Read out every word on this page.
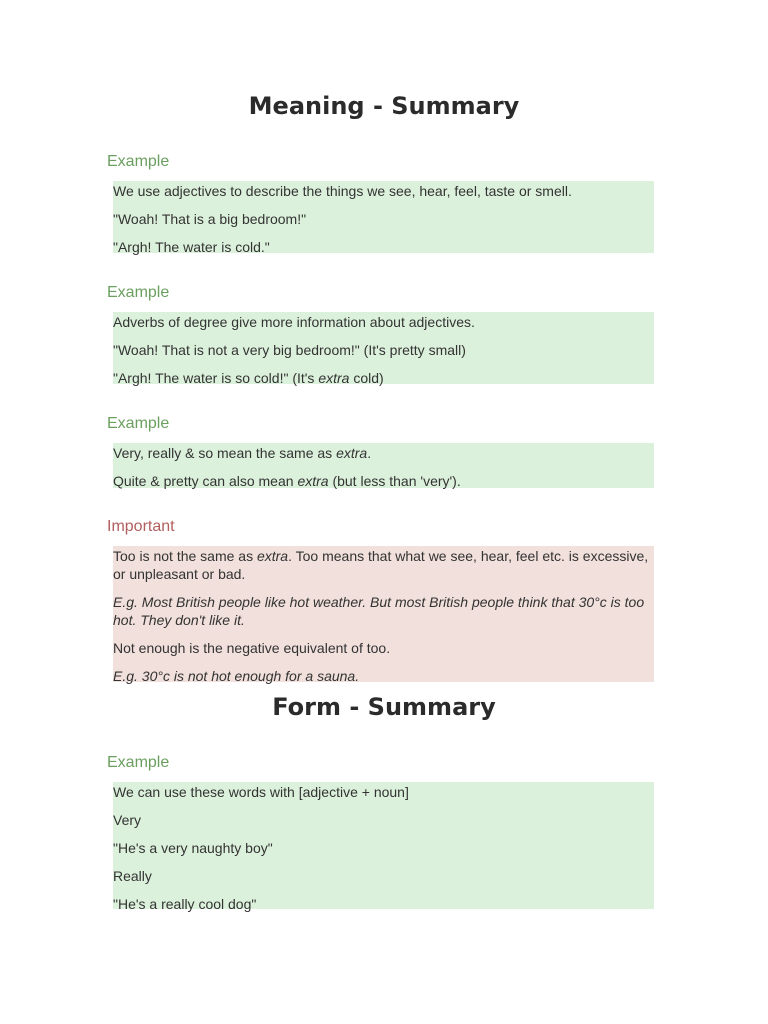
Meaning - Summary

Example

We use adjectives to describe the things we see, hear, feel, taste or smell.
"Woah! That is a big bedroom!"
"Argh! The water is cold."

Example

Adverbs of degree give more information about adjectives.
"Woah! That is not a very big bedroom!" (It's pretty small)
"Argh! The water is so cold!" (It's extra cold)

Example

Very, really & so mean the same as extra.
Quite & pretty can also mean extra (but less than 'very').

Important

Too is not the same as extra. Too means that what we see, hear, feel etc. is excessive, or unpleasant or bad.
E.g. Most British people like hot weather. But most British people think that 30°c is too hot. They don't like it.
Not enough is the negative equivalent of too.
E.g. 30°c is not hot enough for a sauna.
Form - Summary

Example

We can use these words with [adjective + noun]
Very
"He's a very naughty boy"
Really
"He's a really cool dog"
